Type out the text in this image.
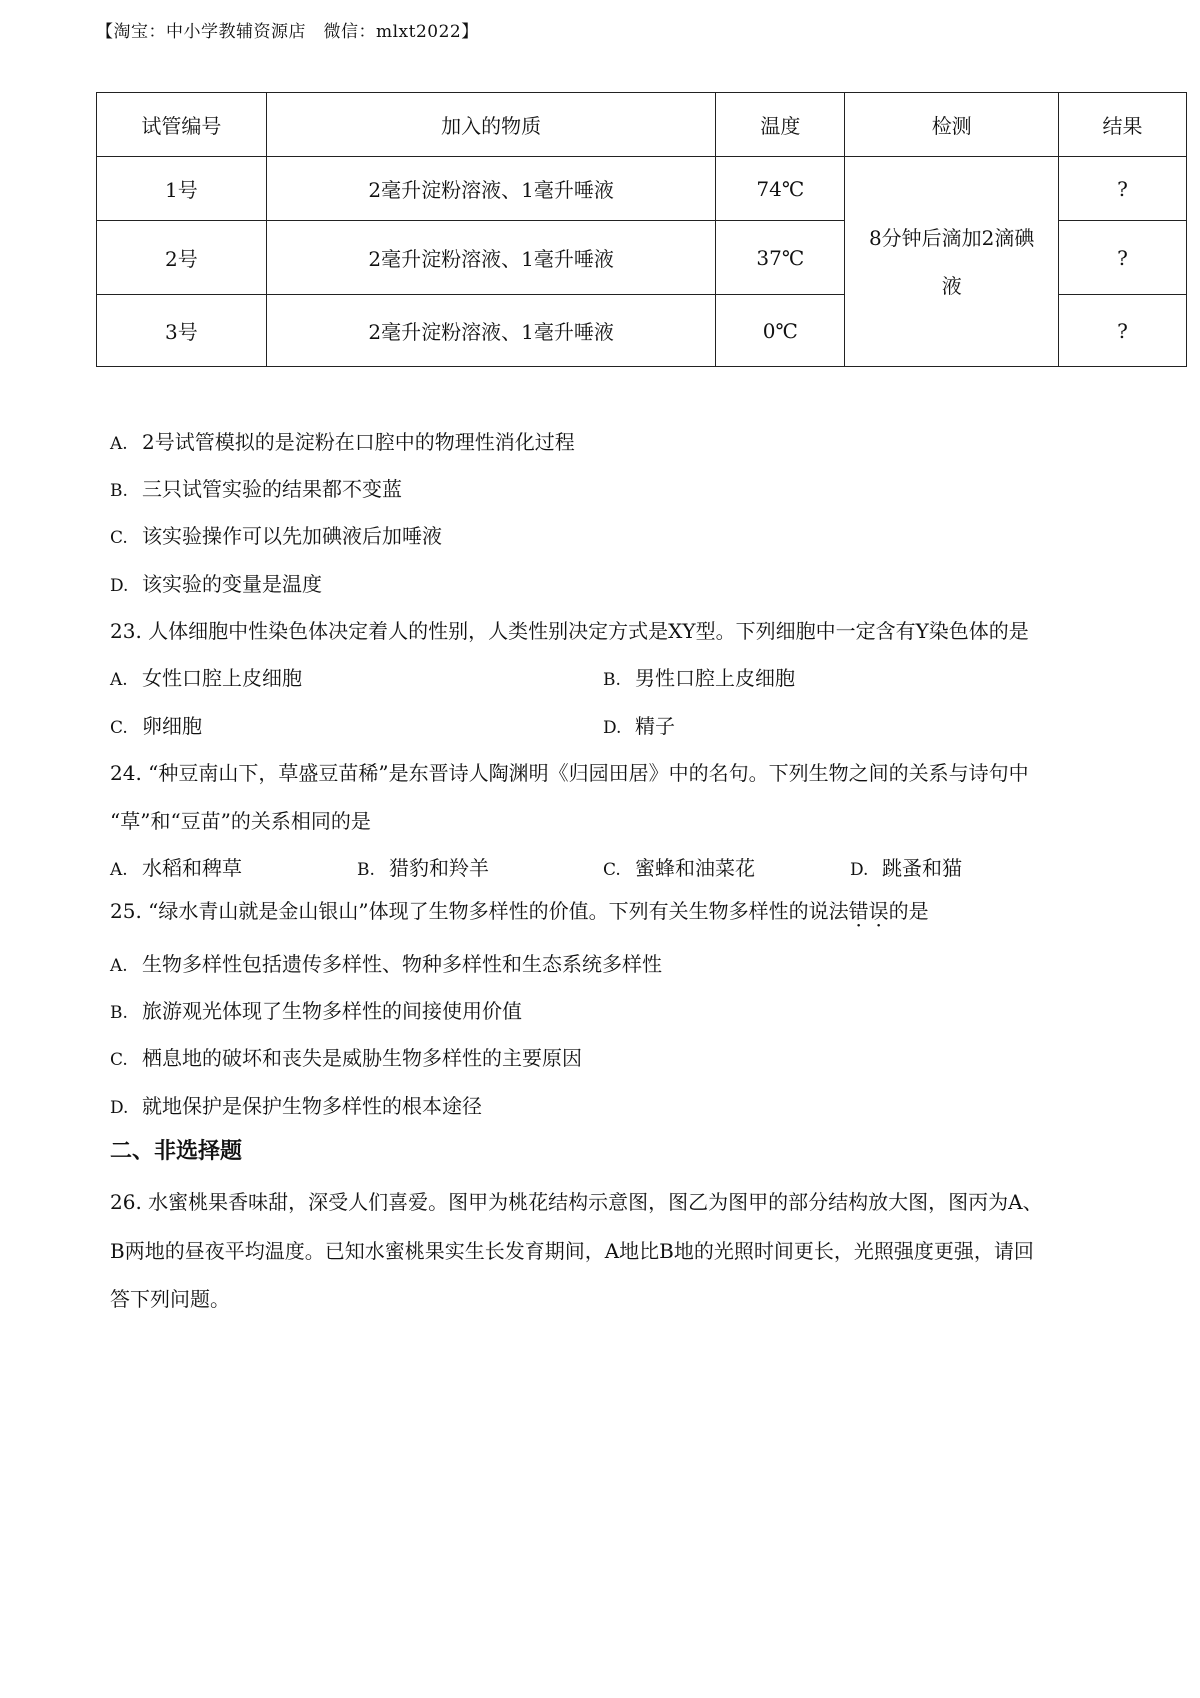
【淘宝：中小学教辅资源店　微信：mlxt2022】
试管编号	加入的物质	温度	检测	结果
1号	2毫升淀粉溶液、1毫升唾液	74℃	8分钟后滴加2滴碘液	?
2号	2毫升淀粉溶液、1毫升唾液	37℃		?
3号	2毫升淀粉溶液、1毫升唾液	0℃		?
A. 2号试管模拟的是淀粉在口腔中的物理性消化过程
B. 三只试管实验的结果都不变蓝
C. 该实验操作可以先加碘液后加唾液
D. 该实验的变量是温度
23. 人体细胞中性染色体决定着人的性别，人类性别决定方式是XY型。下列细胞中一定含有Y染色体的是
A. 女性口腔上皮细胞	B. 男性口腔上皮细胞
C. 卵细胞	D. 精子
24. “种豆南山下，草盛豆苗稀”是东晋诗人陶渊明《归园田居》中的名句。下列生物之间的关系与诗句中
“草”和“豆苗”的关系相同的是
A. 水稻和稗草	B. 猎豹和羚羊	C. 蜜蜂和油菜花	D. 跳蚤和猫
25. “绿水青山就是金山银山”体现了生物多样性的价值。下列有关生物多样性的说法错误的是
A. 生物多样性包括遗传多样性、物种多样性和生态系统多样性
B. 旅游观光体现了生物多样性的间接使用价值
C. 栖息地的破坏和丧失是威胁生物多样性的主要原因
D. 就地保护是保护生物多样性的根本途径
二、非选择题
26. 水蜜桃果香味甜，深受人们喜爱。图甲为桃花结构示意图，图乙为图甲的部分结构放大图，图丙为A、
B两地的昼夜平均温度。已知水蜜桃果实生长发育期间，A地比B地的光照时间更长，光照强度更强，请回
答下列问题。
